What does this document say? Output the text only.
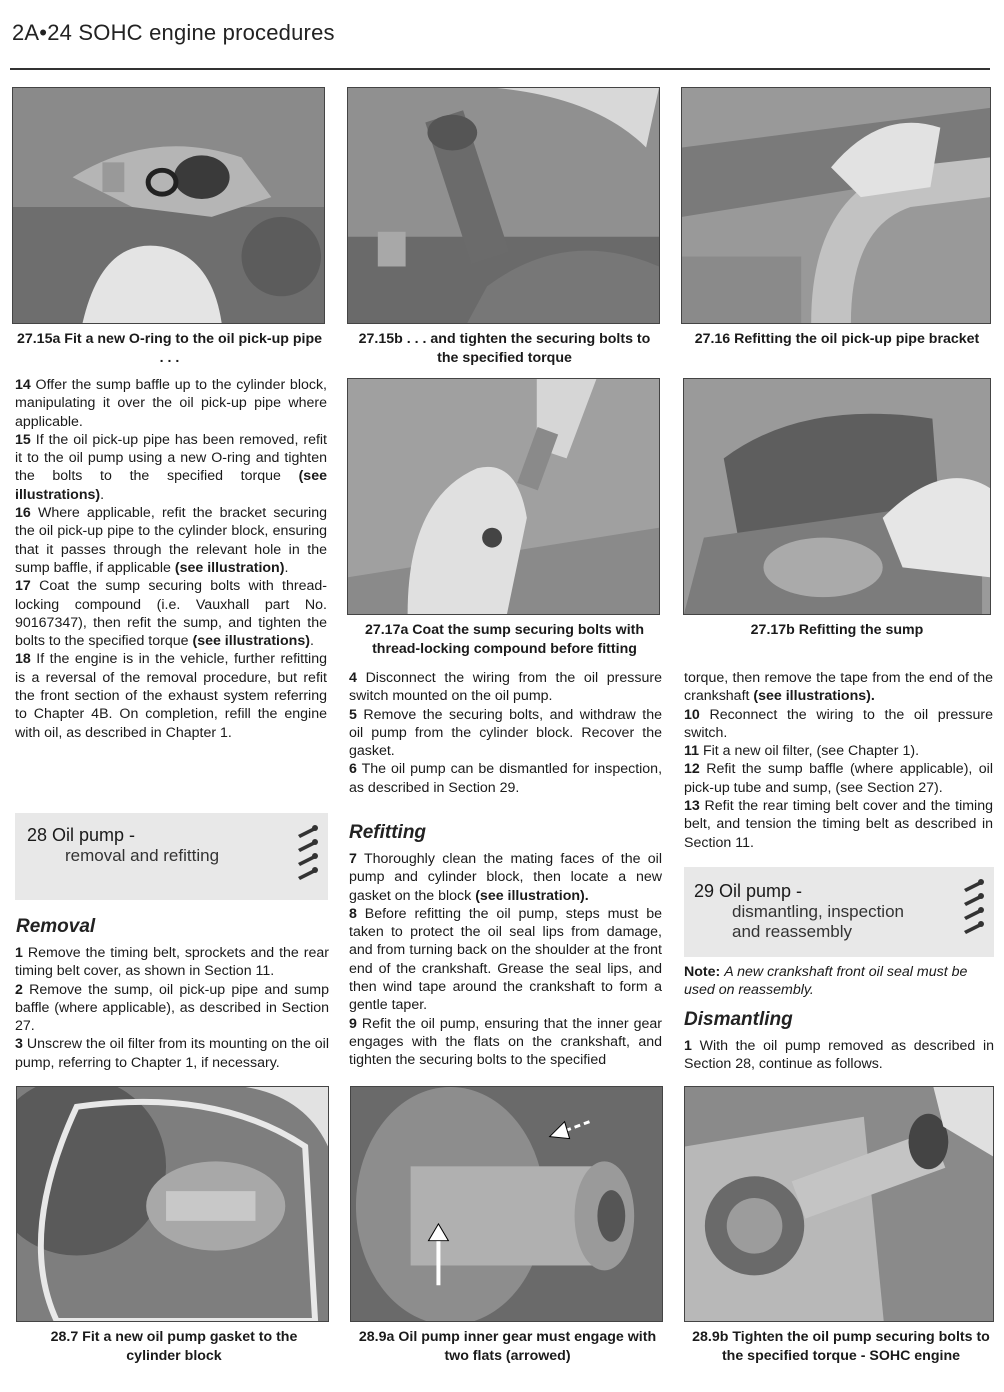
2A•24 SOHC engine procedures
27.15a Fit a new O-ring to the oil pick-up pipe . . .
27.15b . . . and tighten the securing bolts to the specified torque
27.16 Refitting the oil pick-up pipe bracket
27.17a Coat the sump securing bolts with thread-locking compound before fitting
27.17b Refitting the sump

14 Offer the sump baffle up to the cylinder block, manipulating it over the oil pick-up pipe where applicable.

15 If the oil pick-up pipe has been removed, refit it to the oil pump using a new O-ring and tighten the bolts to the specified torque (see illustrations).

16 Where applicable, refit the bracket securing the oil pick-up pipe to the cylinder block, ensuring that it passes through the relevant hole in the sump baffle, if applicable (see illustration).

17 Coat the sump securing bolts with thread-locking compound (i.e. Vauxhall part No. 90167347), then refit the sump, and tighten the bolts to the specified torque (see illustrations).

18 If the engine is in the vehicle, further refitting is a reversal of the removal procedure, but refit the front section of the exhaust system referring to Chapter 4B. On completion, refill the engine with oil, as described in Chapter 1.

28 Oil pump -
removal and refitting
Removal

1 Remove the timing belt, sprockets and the rear timing belt cover, as shown in Section 11.

2 Remove the sump, oil pick-up pipe and sump baffle (where applicable), as described in Section 27.

3 Unscrew the oil filter from its mounting on the oil pump, referring to Chapter 1, if necessary.

4 Disconnect the wiring from the oil pressure switch mounted on the oil pump.

5 Remove the securing bolts, and withdraw the oil pump from the cylinder block. Recover the gasket.

6 The oil pump can be dismantled for inspection, as described in Section 29.

Refitting

7 Thoroughly clean the mating faces of the oil pump and cylinder block, then locate a new gasket on the block (see illustration).

8 Before refitting the oil pump, steps must be taken to protect the oil seal lips from damage, and from turning back on the shoulder at the front end of the crankshaft. Grease the seal lips, and then wind tape around the crankshaft to form a gentle taper.

9 Refit the oil pump, ensuring that the inner gear engages with the flats on the crankshaft, and tighten the securing bolts to the specified

torque, then remove the tape from the end of the crankshaft (see illustrations).

10 Reconnect the wiring to the oil pressure switch.

11 Fit a new oil filter, (see Chapter 1).

12 Refit the sump baffle (where applicable), oil pick-up tube and sump, (see Section 27).

13 Refit the rear timing belt cover and the timing belt, and tension the timing belt as described in Section 11.

29 Oil pump -
dismantling, inspection
and reassembly
Note: A new crankshaft front oil seal must be used on reassembly.
Dismantling

1 With the oil pump removed as described in Section 28, continue as follows.

28.7 Fit a new oil pump gasket to the cylinder block
28.9a Oil pump inner gear must engage with two flats (arrowed)
28.9b Tighten the oil pump securing bolts to the specified torque - SOHC engine
